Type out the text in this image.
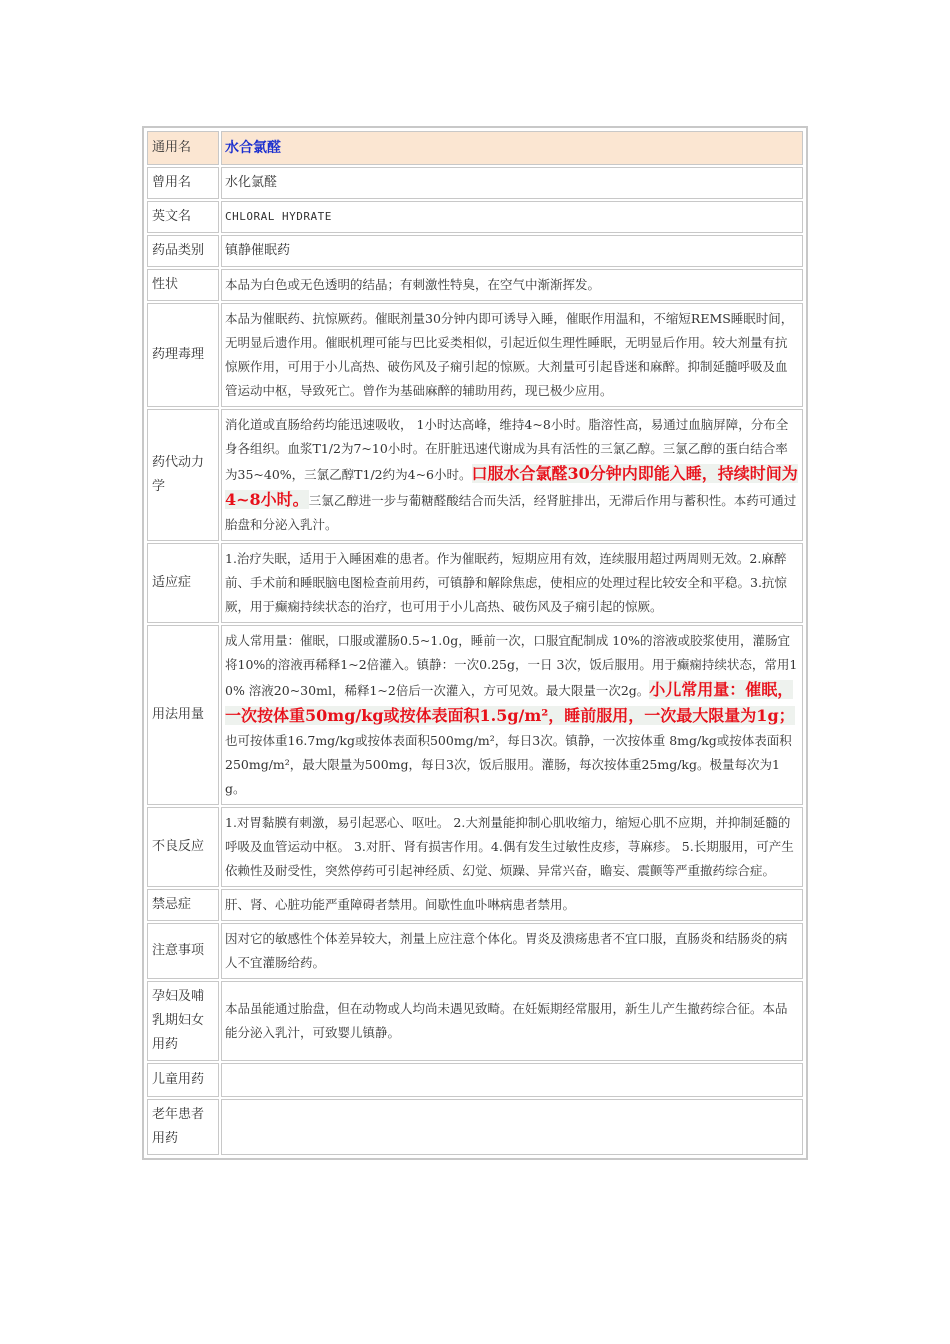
通用名	水合氯醛
曾用名	水化氯醛
英文名	CHLORAL HYDRATE
药品类别	镇静催眠药
性状	本品为白色或无色透明的结晶；有刺激性特臭，在空气中渐渐挥发。
药理毒理	本品为催眠药、抗惊厥药。催眠剂量30分钟内即可诱导入睡，催眠作用温和，不缩短REMS睡眠时间，无明显后遗作用。催眠机理可能与巴比妥类相似，引起近似生理性睡眠，无明显后作用。较大剂量有抗惊厥作用，可用于小儿高热、破伤风及子痫引起的惊厥。大剂量可引起昏迷和麻醉。抑制延髓呼吸及血管运动中枢，导致死亡。曾作为基础麻醉的辅助用药，现已极少应用。
药代动力学	消化道或直肠给药均能迅速吸收， 1小时达高峰，维持4~8小时。脂溶性高，易通过血脑屏障，分布全身各组织。血浆T1/2为7~10小时。在肝脏迅速代谢成为具有活性的三氯乙醇。三氯乙醇的蛋白结合率为35~40%，三氯乙醇T1/2约为4~6小时。口服水合氯醛30分钟内即能入睡，持续时间为4~8小时。三氯乙醇进一步与葡糖醛酸结合而失活，经肾脏排出，无滞后作用与蓄积性。本药可通过胎盘和分泌入乳汁。
适应症	1.治疗失眠，适用于入睡困难的患者。作为催眠药，短期应用有效，连续服用超过两周则无效。2.麻醉前、手术前和睡眠脑电图检查前用药，可镇静和解除焦虑，使相应的处理过程比较安全和平稳。3.抗惊厥，用于癫痫持续状态的治疗，也可用于小儿高热、破伤风及子痫引起的惊厥。
用法用量	成人常用量：催眠，口服或灌肠0.5~1.0g，睡前一次，口服宜配制成 10%的溶液或胶浆使用，灌肠宜将10%的溶液再稀释1~2倍灌入。镇静：一次0.25g，一日 3次，饭后服用。用于癫痫持续状态，常用10% 溶液20~30ml，稀释1~2倍后一次灌入，方可见效。最大限量一次2g。小儿常用量：催眠，一次按体重50mg/kg或按体表面积1.5g/m²，睡前服用，一次最大限量为1g；也可按体重16.7mg/kg或按体表面积500mg/m²，每日3次。镇静，一次按体重 8mg/kg或按体表面积250mg/m²，最大限量为500mg，每日3次，饭后服用。灌肠，每次按体重25mg/kg。极量每次为1g。
不良反应	1.对胃黏膜有刺激，易引起恶心、呕吐。 2.大剂量能抑制心肌收缩力，缩短心肌不应期，并抑制延髓的呼吸及血管运动中枢。 3.对肝、肾有损害作用。4.偶有发生过敏性皮疹，荨麻疹。 5.长期服用，可产生依赖性及耐受性，突然停药可引起神经质、幻觉、烦躁、异常兴奋，瞻妄、震颤等严重撤药综合症。
禁忌症	肝、肾、心脏功能严重障碍者禁用。间歇性血卟啉病患者禁用。
注意事项	因对它的敏感性个体差异较大，剂量上应注意个体化。胃炎及溃疡患者不宜口服，直肠炎和结肠炎的病人不宜灌肠给药。
孕妇及哺乳期妇女用药	本品虽能通过胎盘，但在动物或人均尚未遇见致畸。在妊娠期经常服用，新生儿产生撤药综合征。本品能分泌入乳汁，可致婴儿镇静。
儿童用药	
老年患者用药	
